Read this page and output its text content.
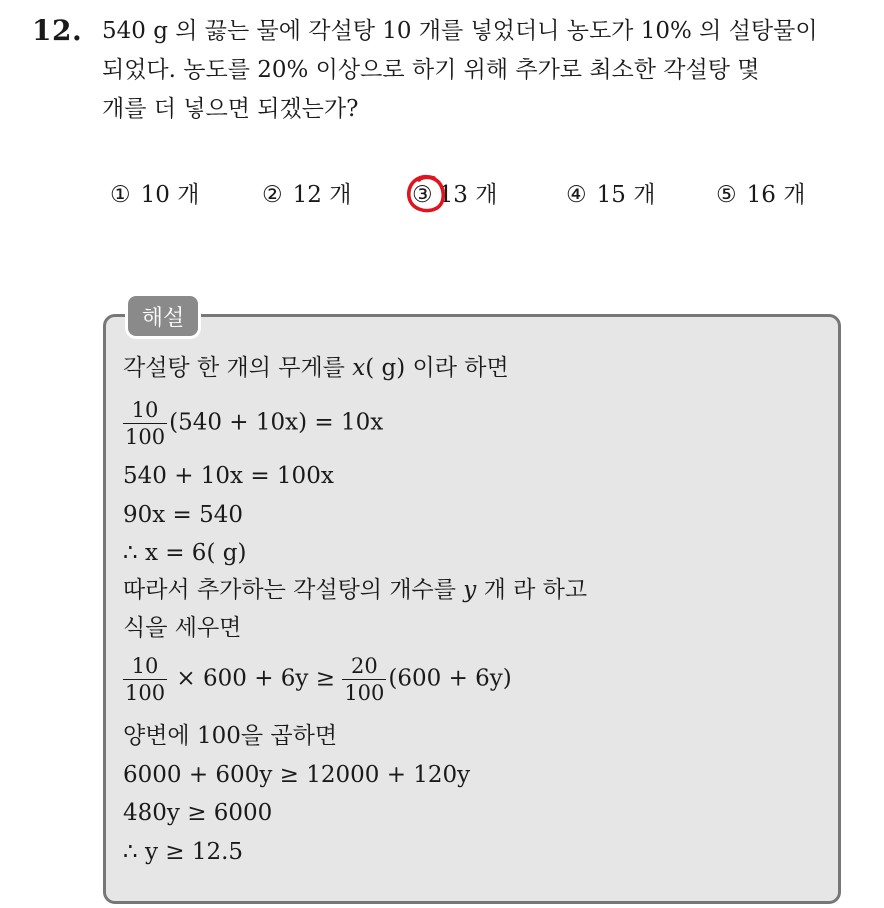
12. 540 g 의 끓는 물에 각설탕 10 개를 넣었더니 농도가 10% 의 설탕물이
되었다. 농도를 20% 이상으로 하기 위해 추가로 최소한 각설탕 몇
개를 더 넣으면 되겠는가?
① 10 개	② 12 개	③ 13 개	④ 15 개	⑤ 16 개
해설
각설탕 한 개의 무게를 x( g) 이라 하면
$\frac{10}{100} (540 + 10x) = 10x$
540 + 10x = 100x
90x = 540
∴ x = 6( g)
따라서 추가하는 각설탕의 개수를 y 개 라 하고
식을 세우면
$\frac{10}{100} \times 600 + 6y \ge \frac{20}{100} (600 + 6y)$
양변에 100을 곱하면
6000 + 600y ≥ 12000 + 120y
480y ≥ 6000
∴ y ≥ 12.5
